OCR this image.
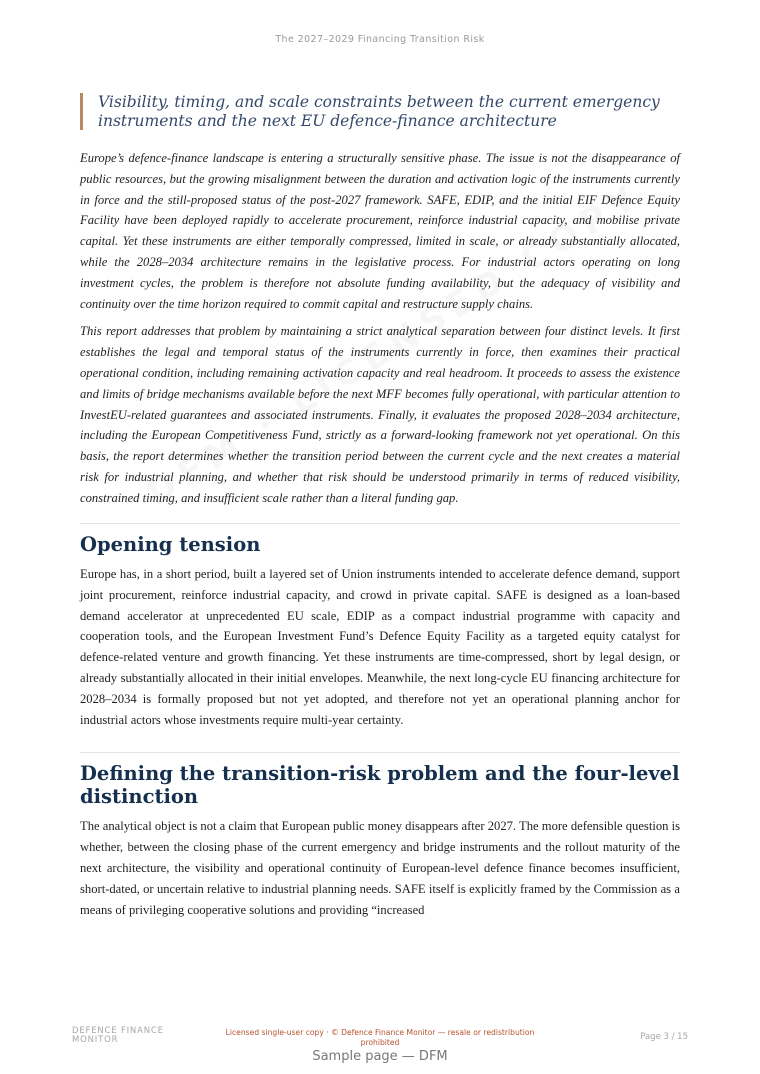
The 2027–2029 Financing Transition Risk
Visibility, timing, and scale constraints between the current emergency instruments and the next EU defence-finance architecture

Europe’s defence-finance landscape is entering a structurally sensitive phase. The issue is not the disappearance of public resources, but the growing misalignment between the duration and activation logic of the instruments currently in force and the still-proposed status of the post-2027 framework. SAFE, EDIP, and the initial EIF Defence Equity Facility have been deployed rapidly to accelerate procurement, reinforce industrial capacity, and mobilise private capital. Yet these instruments are either temporally compressed, limited in scale, or already substantially allocated, while the 2028–2034 architecture remains in the legislative process. For industrial actors operating on long investment cycles, the problem is therefore not absolute funding availability, but the adequacy of visibility and continuity over the time horizon required to commit capital and restructure supply chains.

This report addresses that problem by maintaining a strict analytical separation between four distinct levels. It first establishes the legal and temporal status of the instruments currently in force, then examines their practical operational condition, including remaining activation capacity and real headroom. It proceeds to assess the existence and limits of bridge mechanisms available before the next MFF becomes fully operational, with particular attention to InvestEU-related guarantees and associated instruments. Finally, it evaluates the proposed 2028–2034 architecture, including the European Competitiveness Fund, strictly as a forward-looking framework not yet operational. On this basis, the report determines whether the transition period between the current cycle and the next creates a material risk for industrial planning, and whether that risk should be understood primarily in terms of reduced visibility, constrained timing, and insufficient scale rather than a literal funding gap.

Opening tension

Europe has, in a short period, built a layered set of Union instruments intended to accelerate defence demand, support joint procurement, reinforce industrial capacity, and crowd in private capital. SAFE is designed as a loan-based demand accelerator at unprecedented EU scale, EDIP as a compact industrial programme with capacity and cooperation tools, and the European Investment Fund’s Defence Equity Facility as a targeted equity catalyst for defence-related venture and growth financing. Yet these instruments are time-compressed, short by legal design, or already substantially allocated in their initial envelopes. Meanwhile, the next long-cycle EU financing architecture for 2028–2034 is formally proposed but not yet adopted, and therefore not yet an operational planning anchor for industrial actors whose investments require multi-year certainty.

Defining the transition-risk problem and the four-level distinction

The analytical object is not a claim that European public money disappears after 2027. The more defensible question is whether, between the closing phase of the current emergency and bridge instruments and the rollout maturity of the next architecture, the visibility and operational continuity of European-level defence finance becomes insufficient, short-dated, or uncertain relative to industrial planning needs. SAFE itself is explicitly framed by the Commission as a means of privileging cooperative solutions and providing “increased

DEFENCE FINANCE MONITOR
Licensed single-user copy · © Defence Finance Monitor — resale or redistribution prohibited	Page 3 / 15
Sample page — DFM
